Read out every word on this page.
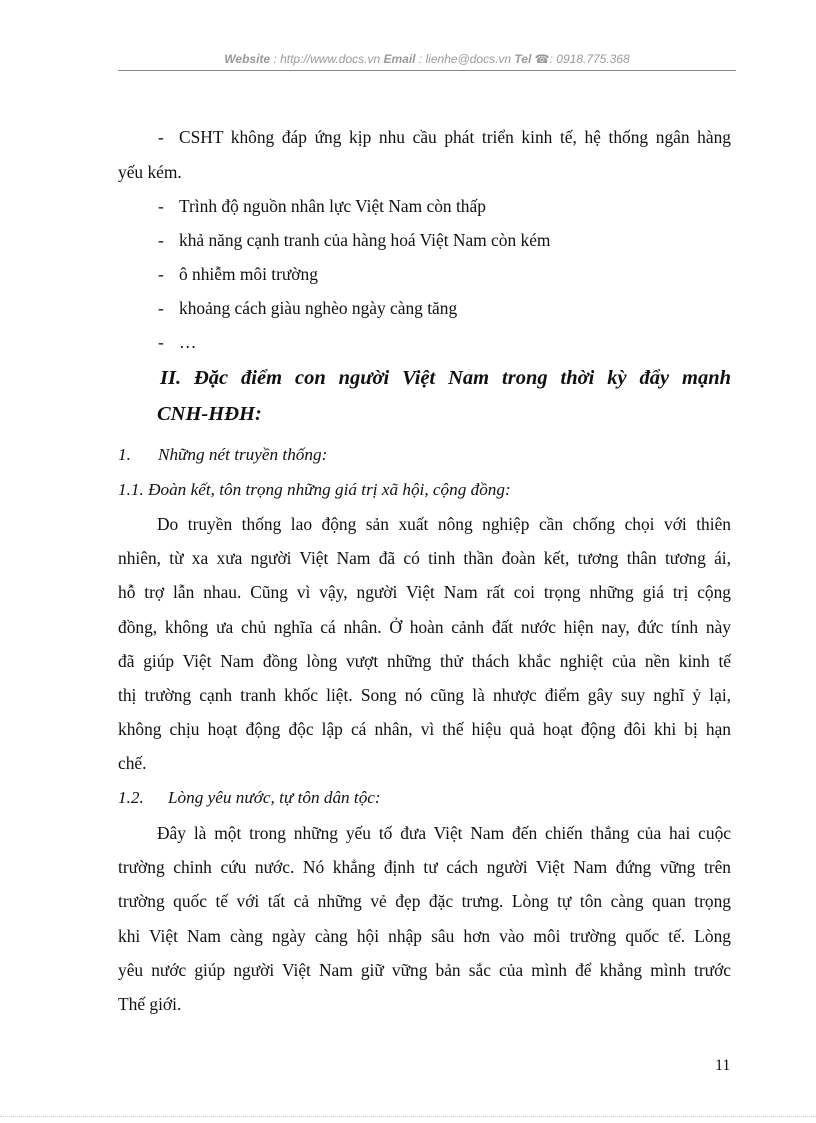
Website : http://www.docs.vn Email : lienhe@docs.vn Tel ☎: 0918.775.368
- CSHT không đáp ứng kịp nhu cầu phát triển kinh tế, hệ thống ngân hàng
yếu kém.
- Trình độ nguồn nhân lực Việt Nam còn thấp
- khả năng cạnh tranh của hàng hoá Việt Nam còn kém
- ô nhiễm môi trường
- khoảng cách giàu nghèo ngày càng tăng
- …
II. Đặc điểm con người Việt Nam trong thời kỳ đẩy mạnh
CNH-HĐH:
1. Những nét truyền thống:
1.1. Đoàn kết, tôn trọng những giá trị xã hội, cộng đồng:
Do truyền thống lao động sản xuất nông nghiệp cần chống chọi với thiên
nhiên, từ xa xưa người Việt Nam đã có tinh thần đoàn kết, tương thân tương ái,
hỗ trợ lẫn nhau. Cũng vì vậy, người Việt Nam rất coi trọng những giá trị cộng
đồng, không ưa chủ nghĩa cá nhân. Ở hoàn cảnh đất nước hiện nay, đức tính này
đã giúp Việt Nam đồng lòng vượt những thử thách khắc nghiệt của nền kinh tế
thị trường cạnh tranh khốc liệt. Song nó cũng là nhược điểm gây suy nghĩ ỷ lại,
không chịu hoạt động độc lập cá nhân, vì thế hiệu quả hoạt động đôi khi bị hạn
chế.
1.2. Lòng yêu nước, tự tôn dân tộc:
Đây là một trong những yếu tố đưa Việt Nam đến chiến thắng của hai cuộc
trường chinh cứu nước. Nó khẳng định tư cách người Việt Nam đứng vững trên
trường quốc tế với tất cả những vẻ đẹp đặc trưng. Lòng tự tôn càng quan trọng
khi Việt Nam càng ngày càng hội nhập sâu hơn vào môi trường quốc tế. Lòng
yêu nước giúp người Việt Nam giữ vững bản sắc của mình để khẳng mình trước
Thế giới.
11
